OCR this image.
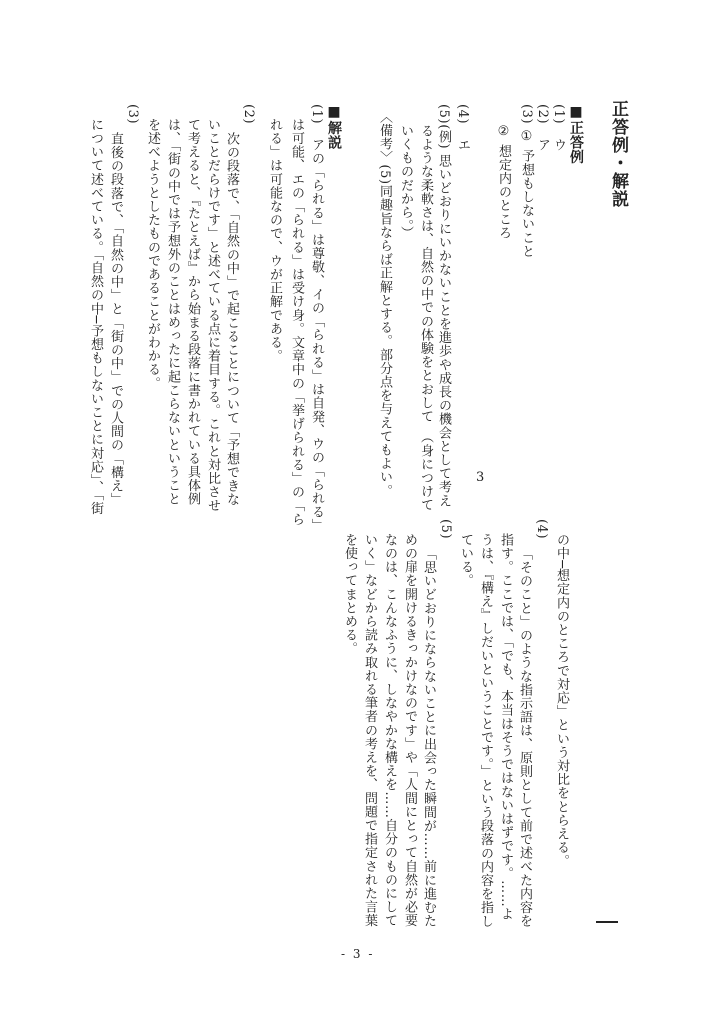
正答例・解説
■正答例
(1)　ウ
(2)　ア
(3) ① 予想もしないこと
② 想定内のところ
(4)　エ
(5)(例) 思いどおりにいかないことを進歩や成長の機会として考え
るような柔軟さは、自然の中での体験をとおして　（身につけて
いくものだから。）
〈備考〉(5)同趣旨ならば正解とする。部分点を与えてもよい。	3
■解説
(1)　アの「られる」は尊敬、イの「られる」は自発、ウの「られる」
は可能、エの「られる」は受け身。文章中の「挙げられる」の「ら
れる」は可能なので、ウが正解である。
(2)
次の段落で、「自然の中」で起こることについて「予想できな
いことだらけです」と述べている点に着目する。これと対比させ
て考えると、『たとえば』から始まる段落に書かれている具体例
は、「街の中では予想外のことはめったに起こらないということ
を述べようとしたものであることがわかる。
(3)
直後の段落で、「自然の中」と「街の中」での人間の「構え」
について述べている。「自然の中─予想もしないことに対応」、「街
の中─想定内のところで対応」という対比をとらえる。
(4)
「そのこと」のような指示語は、原則として前で述べた内容を
指す。ここでは、「でも、本当はそうではないはずです。……よ
うは、『構え』しだいということです。」という段落の内容を指し
ている。
(5)
「思いどおりにならないことに出会った瞬間が……前に進むた
めの扉を開けるきっかけなのです」や「人間にとって自然が必要
なのは、こんなふうに、しなやかな構えを……自分のものにして
いく」などから読み取れる筆者の考えを、問題で指定された言葉
を使ってまとめる。
- 3 -
